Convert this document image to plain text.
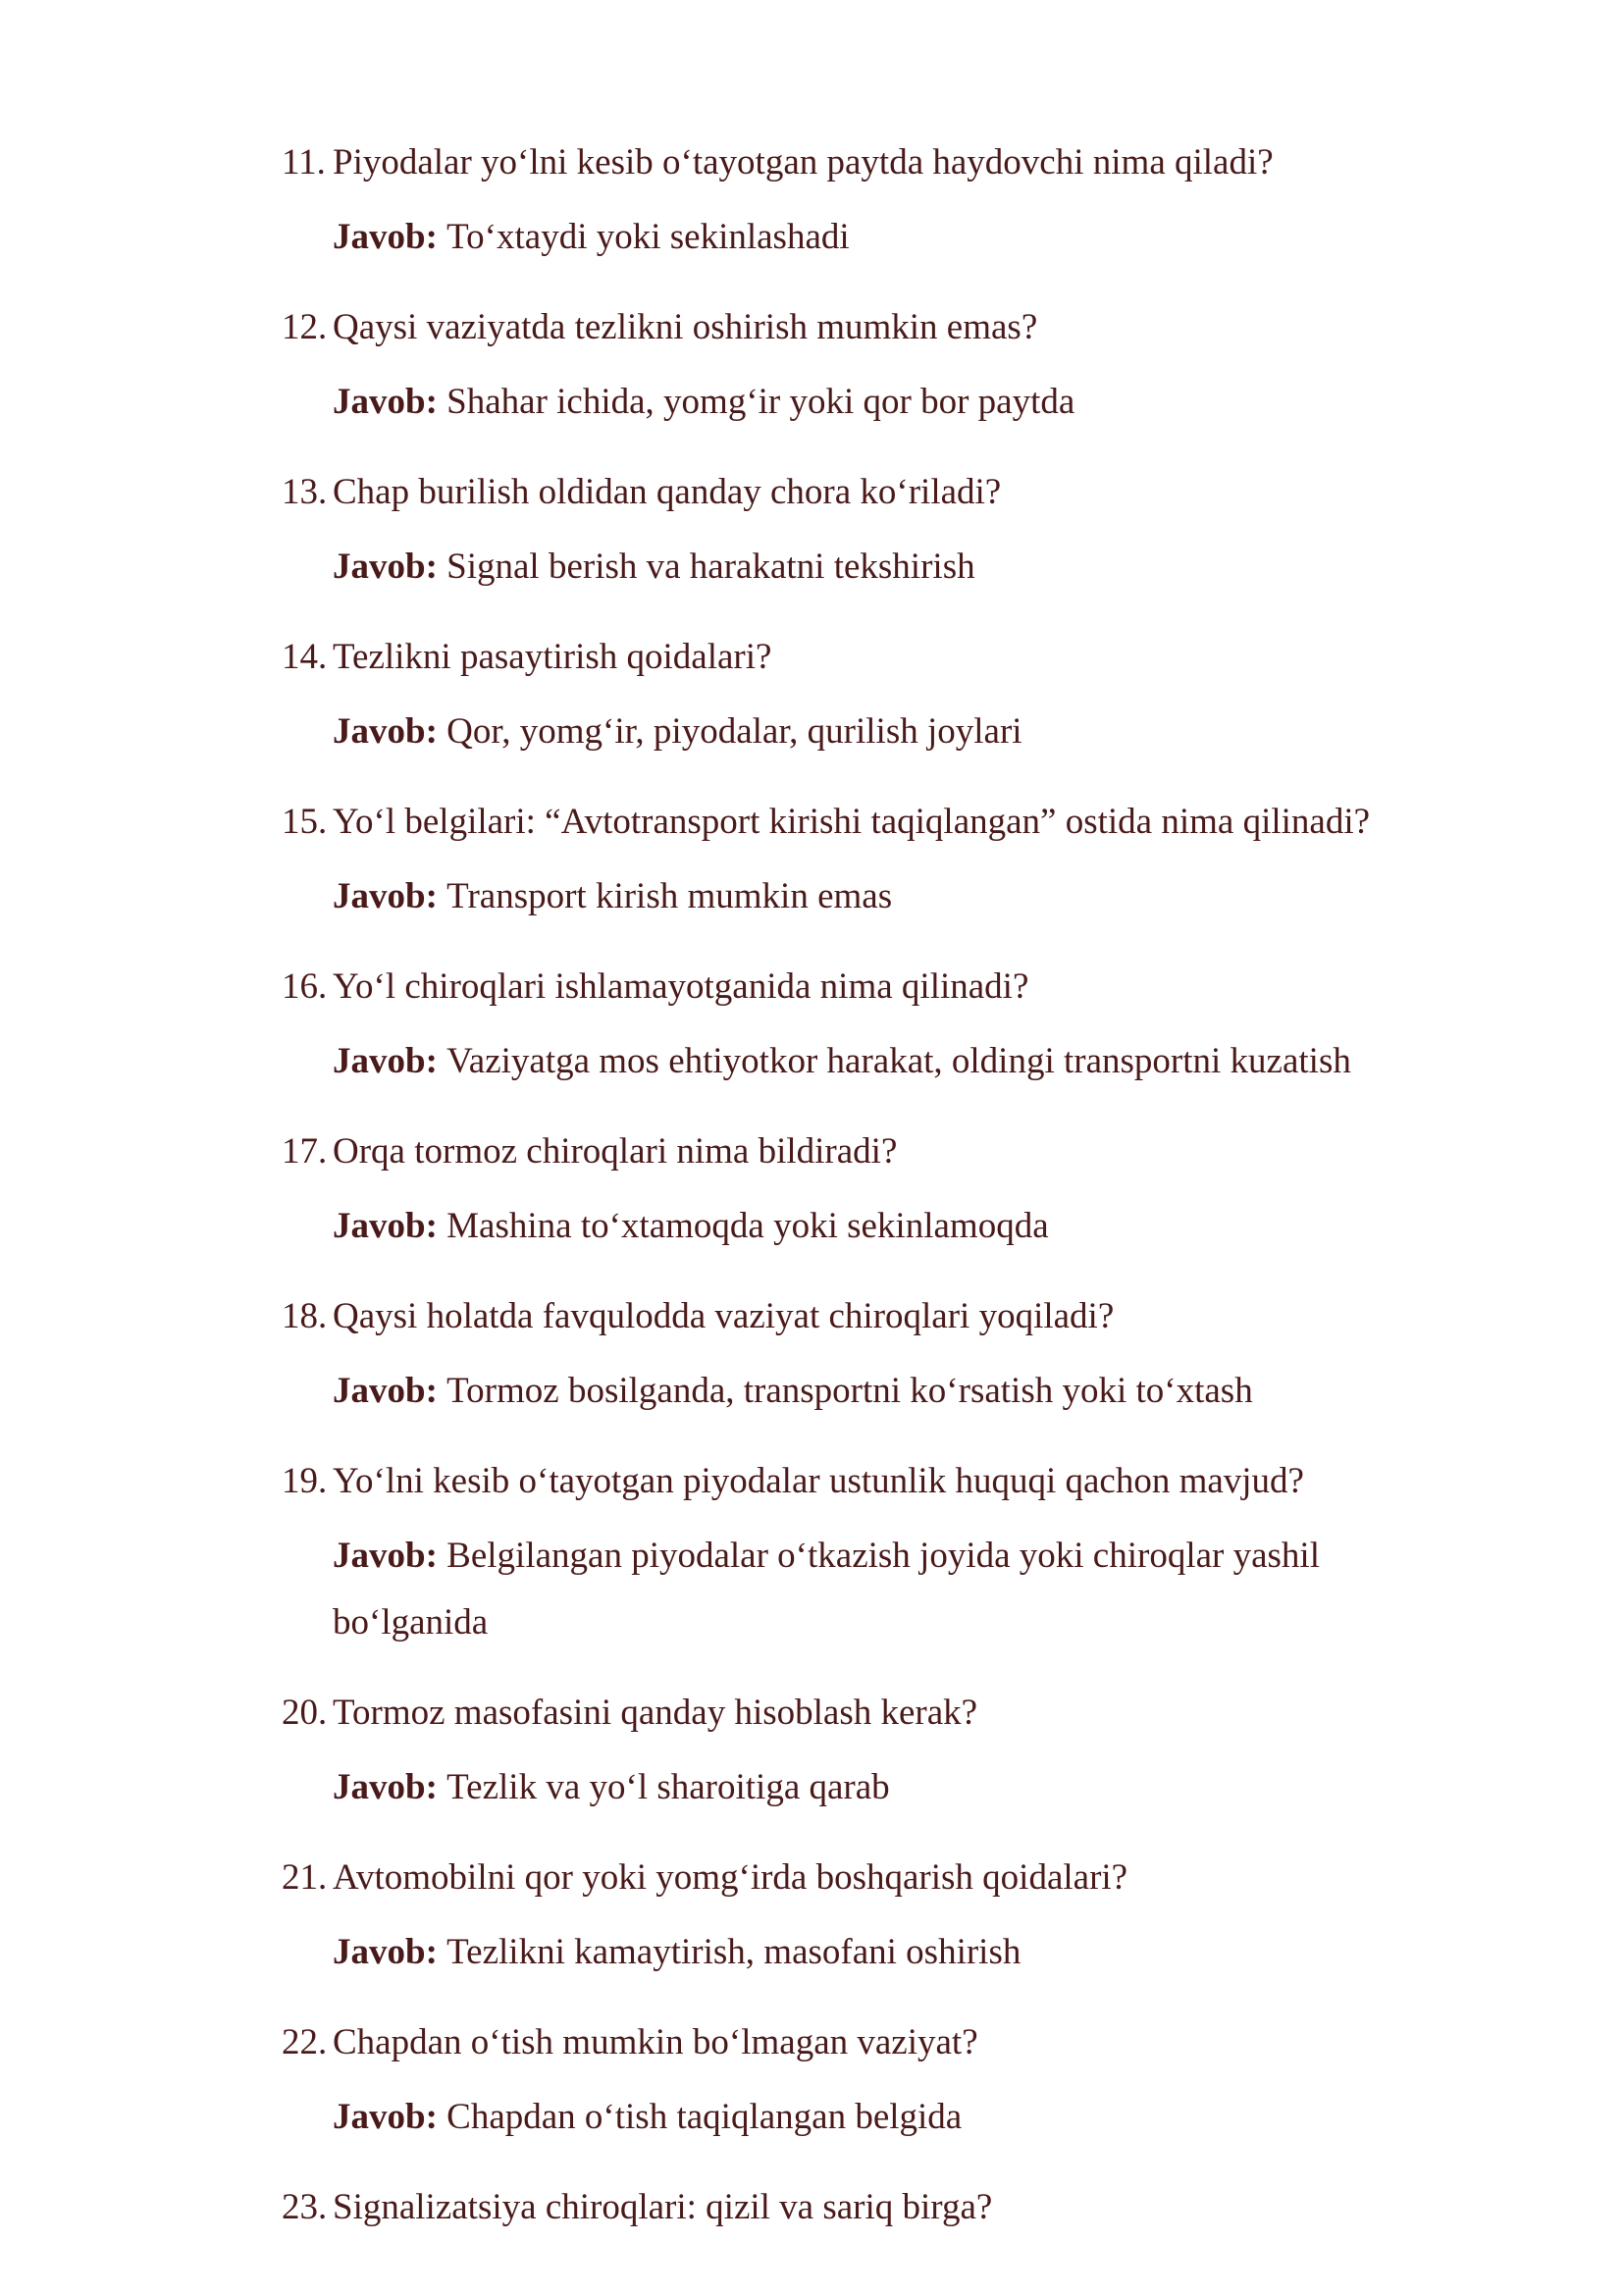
11. Piyodalar yo‘lni kesib o‘tayotgan paytda haydovchi nima qiladi?
Javob: To‘xtaydi yoki sekinlashadi
12. Qaysi vaziyatda tezlikni oshirish mumkin emas?
Javob: Shahar ichida, yomg‘ir yoki qor bor paytda
13. Chap burilish oldidan qanday chora ko‘riladi?
Javob: Signal berish va harakatni tekshirish
14. Tezlikni pasaytirish qoidalari?
Javob: Qor, yomg‘ir, piyodalar, qurilish joylari
15. Yo‘l belgilari: “Avtotransport kirishi taqiqlangan” ostida nima qilinadi?
Javob: Transport kirish mumkin emas
16. Yo‘l chiroqlari ishlamayotganida nima qilinadi?
Javob: Vaziyatga mos ehtiyotkor harakat, oldingi transportni kuzatish
17. Orqa tormoz chiroqlari nima bildiradi?
Javob: Mashina to‘xtamoqda yoki sekinlamoqda
18. Qaysi holatda favqulodda vaziyat chiroqlari yoqiladi?
Javob: Tormoz bosilganda, transportni ko‘rsatish yoki to‘xtash
19. Yo‘lni kesib o‘tayotgan piyodalar ustunlik huquqi qachon mavjud?
Javob: Belgilangan piyodalar o‘tkazish joyida yoki chiroqlar yashil bo‘lganida
20. Tormoz masofasini qanday hisoblash kerak?
Javob: Tezlik va yo‘l sharoitiga qarab
21. Avtomobilni qor yoki yomg‘irda boshqarish qoidalari?
Javob: Tezlikni kamaytirish, masofani oshirish
22. Chapdan o‘tish mumkin bo‘lmagan vaziyat?
Javob: Chapdan o‘tish taqiqlangan belgida
23. Signalizatsiya chiroqlari: qizil va sariq birga?
